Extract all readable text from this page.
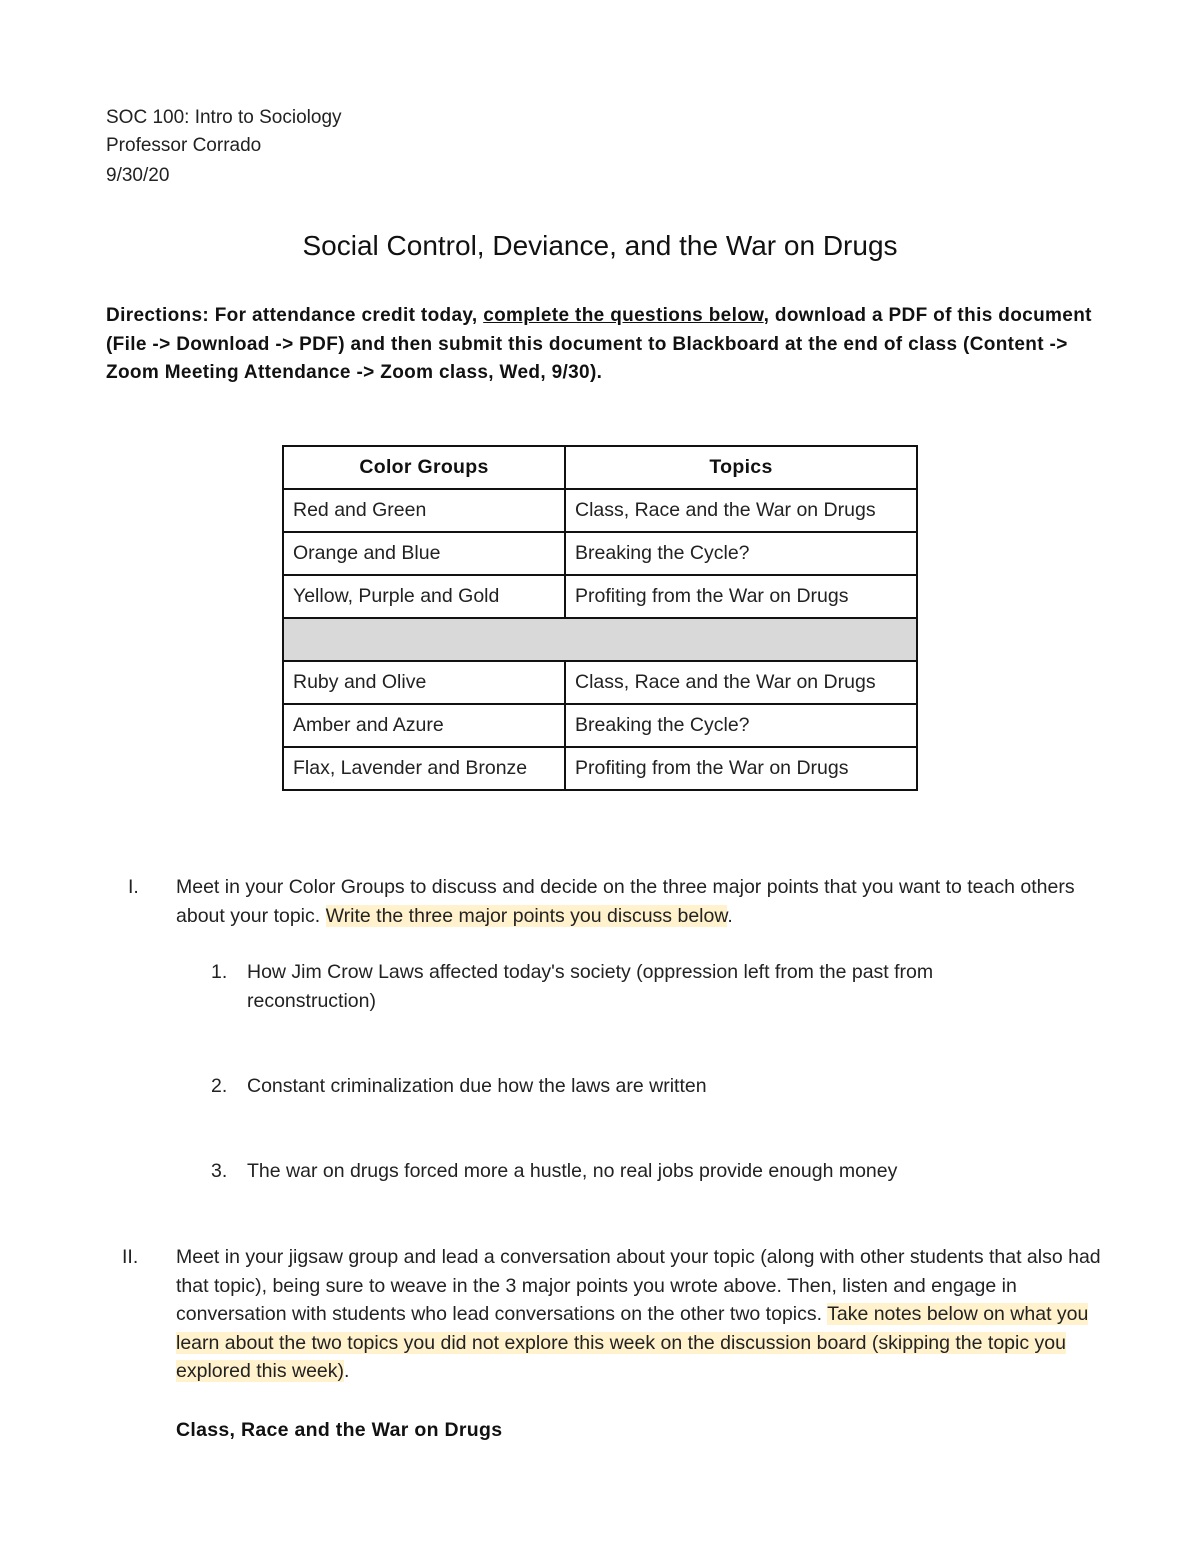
SOC 100: Intro to Sociology
Professor Corrado
9/30/20
Social Control, Deviance, and the War on Drugs
Directions: For attendance credit today, complete the questions below, download a PDF of this document (File -> Download -> PDF) and then submit this document to Blackboard at the end of class (Content -> Zoom Meeting Attendance -> Zoom class, Wed, 9/30).
Color Groups	Topics
Red and Green	Class, Race and the War on Drugs
Orange and Blue	Breaking the Cycle?
Yellow, Purple and Gold	Profiting from the War on Drugs

Ruby and Olive	Class, Race and the War on Drugs
Amber and Azure	Breaking the Cycle?
Flax, Lavender and Bronze	Profiting from the War on Drugs
I. Meet in your Color Groups to discuss and decide on the three major points that you want to teach others about your topic. Write the three major points you discuss below.
1. How Jim Crow Laws affected today's society (oppression left from the past from reconstruction)
2. Constant criminalization due how the laws are written
3. The war on drugs forced more a hustle, no real jobs provide enough money
II. Meet in your jigsaw group and lead a conversation about your topic (along with other students that also had that topic), being sure to weave in the 3 major points you wrote above. Then, listen and engage in conversation with students who lead conversations on the other two topics. Take notes below on what you learn about the two topics you did not explore this week on the discussion board (skipping the topic you explored this week).
Class, Race and the War on Drugs
